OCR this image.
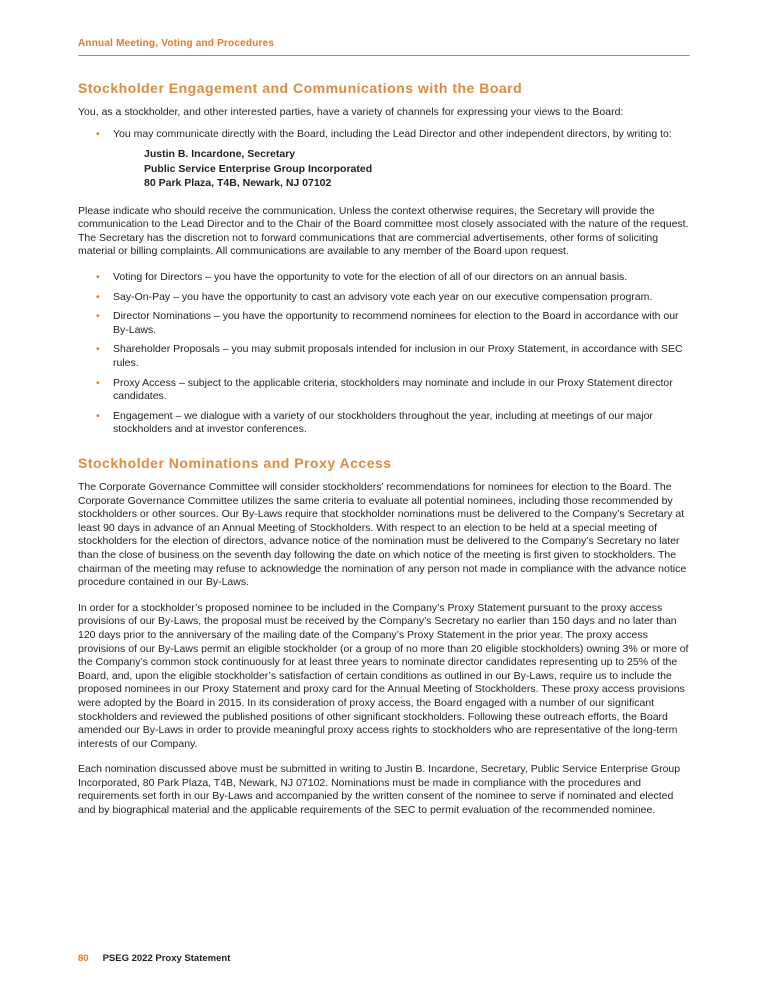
Annual Meeting, Voting and Procedures
Stockholder Engagement and Communications with the Board

You, as a stockholder, and other interested parties, have a variety of channels for expressing your views to the Board:

•	You may communicate directly with the Board, including the Lead Director and other independent directors, by writing to:
Justin B. Incardone, Secretary
Public Service Enterprise Group Incorporated
80 Park Plaza, T4B, Newark, NJ 07102

Please indicate who should receive the communication. Unless the context otherwise requires, the Secretary will provide the communication to the Lead Director and to the Chair of the Board committee most closely associated with the nature of the request. The Secretary has the discretion not to forward communications that are commercial advertisements, other forms of soliciting material or billing complaints. All communications are available to any member of the Board upon request.

•	Voting for Directors – you have the opportunity to vote for the election of all of our directors on an annual basis.
•	Say-On-Pay – you have the opportunity to cast an advisory vote each year on our executive compensation program.
•	Director Nominations – you have the opportunity to recommend nominees for election to the Board in accordance with our By-Laws.
•	Shareholder Proposals – you may submit proposals intended for inclusion in our Proxy Statement, in accordance with SEC rules.
•	Proxy Access – subject to the applicable criteria, stockholders may nominate and include in our Proxy Statement director candidates.
•	Engagement – we dialogue with a variety of our stockholders throughout the year, including at meetings of our major stockholders and at investor conferences.
Stockholder Nominations and Proxy Access

The Corporate Governance Committee will consider stockholders’ recommendations for nominees for election to the Board. The Corporate Governance Committee utilizes the same criteria to evaluate all potential nominees, including those recommended by stockholders or other sources. Our By-Laws require that stockholder nominations must be delivered to the Company’s Secretary at least 90 days in advance of an Annual Meeting of Stockholders. With respect to an election to be held at a special meeting of stockholders for the election of directors, advance notice of the nomination must be delivered to the Company’s Secretary no later than the close of business on the seventh day following the date on which notice of the meeting is first given to stockholders. The chairman of the meeting may refuse to acknowledge the nomination of any person not made in compliance with the advance notice procedure contained in our By-Laws.

In order for a stockholder’s proposed nominee to be included in the Company’s Proxy Statement pursuant to the proxy access provisions of our By-Laws, the proposal must be received by the Company’s Secretary no earlier than 150 days and no later than 120 days prior to the anniversary of the mailing date of the Company’s Proxy Statement in the prior year. The proxy access provisions of our By-Laws permit an eligible stockholder (or a group of no more than 20 eligible stockholders) owning 3% or more of the Company’s common stock continuously for at least three years to nominate director candidates representing up to 25% of the Board, and, upon the eligible stockholder’s satisfaction of certain conditions as outlined in our By-Laws, require us to include the proposed nominees in our Proxy Statement and proxy card for the Annual Meeting of Stockholders. These proxy access provisions were adopted by the Board in 2015. In its consideration of proxy access, the Board engaged with a number of our significant stockholders and reviewed the published positions of other significant stockholders. Following these outreach efforts, the Board amended our By-Laws in order to provide meaningful proxy access rights to stockholders who are representative of the long-term interests of our Company.

Each nomination discussed above must be submitted in writing to Justin B. Incardone, Secretary, Public Service Enterprise Group Incorporated, 80 Park Plaza, T4B, Newark, NJ 07102. Nominations must be made in compliance with the procedures and requirements set forth in our By-Laws and accompanied by the written consent of the nominee to serve if nominated and elected and by biographical material and the applicable requirements of the SEC to permit evaluation of the recommended nominee.

80 PSEG 2022 Proxy Statement
